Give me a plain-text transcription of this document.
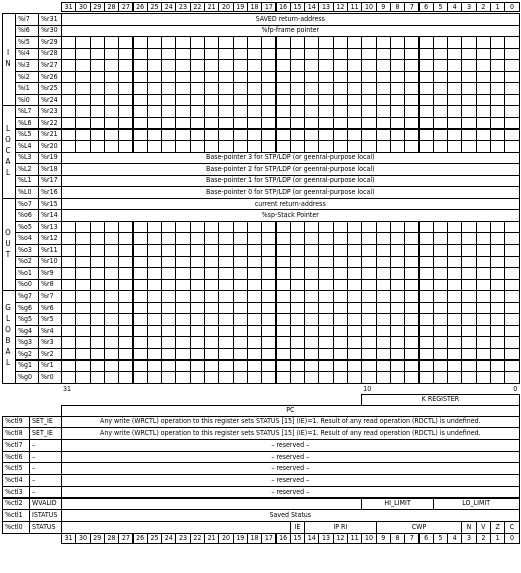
31 30 29 28 27 26 25 24 23 22 21 20 19 18 17 16 15 14 13 12 11 10	9	8	7	6	5	4	3	2	1	0
I
N
L
O
C
A
L
O
U
T
G
L
O
B
A
L
%i7	%r31	SAVED return-address
%i6	%r30	%fp-frame pointer
%i5	%r29
%i4	%r28
%i3	%r27
%i2	%r26
%i1	%r25
%i0	%r24
%L7	%r23
%L6	%r22
%L5	%r21
%L4	%r20
%L3	%r19	Base-pointer 3 for STP/LDP (or geenral-purpose local)
%L2	%r18	Base-pointer 2 for STP/LDP (or geenral-purpose local)
%L1	%r17	Base-pointer 1 for STP/LDP (or geenral-purpose local)
%L0	%r16	Base-pointer 0 for STP/LDP (or geenral-purpose local)
%o7	%r15	current return-address
%o6	%r14	%sp-Stack Pointer
%o5	%r13
%o4	%r12
%o3	%r11
%o2	%r10
%o1	%r9
%o0	%r8
%g7	%r7
%g6	%r6
%g5	%r5
%g4	%r4
%g3	%r3
%g2	%r2
%g1	%r1
%g0	%r0
31	10	0
K REGISTER
PC
%ctl9	SET_IE	Any write (WRCTL) operation to this register sets STATUS [15] (IE)=1. Result of any read operation (RDCTL) is undefined.
%ctl8	SET_IE	Any write (WRCTL) operation to this register sets STATUS [15] (IE)=1. Result of any read operation (RDCTL) is undefined.
%ctl7	–	– reserved –
%ctl6	–	– reserved –
%ctl5	–	– reserved –
%ctl4	–	– reserved –
%ctl3	–	– reserved –
%ctl2	WVALID	HI_LIMIT	LO_LIMIT
%ctl1	ISTATUS	Saved Status
%ctl0	STATUS	IE	IP RI	CWP	N	V	Z	C
31 30 29 28 27 26 25 24 23 22 21 20 19 18 17 16 15 14 13 12 11 10	9	8	7	6	5	4	3	2	1	0
